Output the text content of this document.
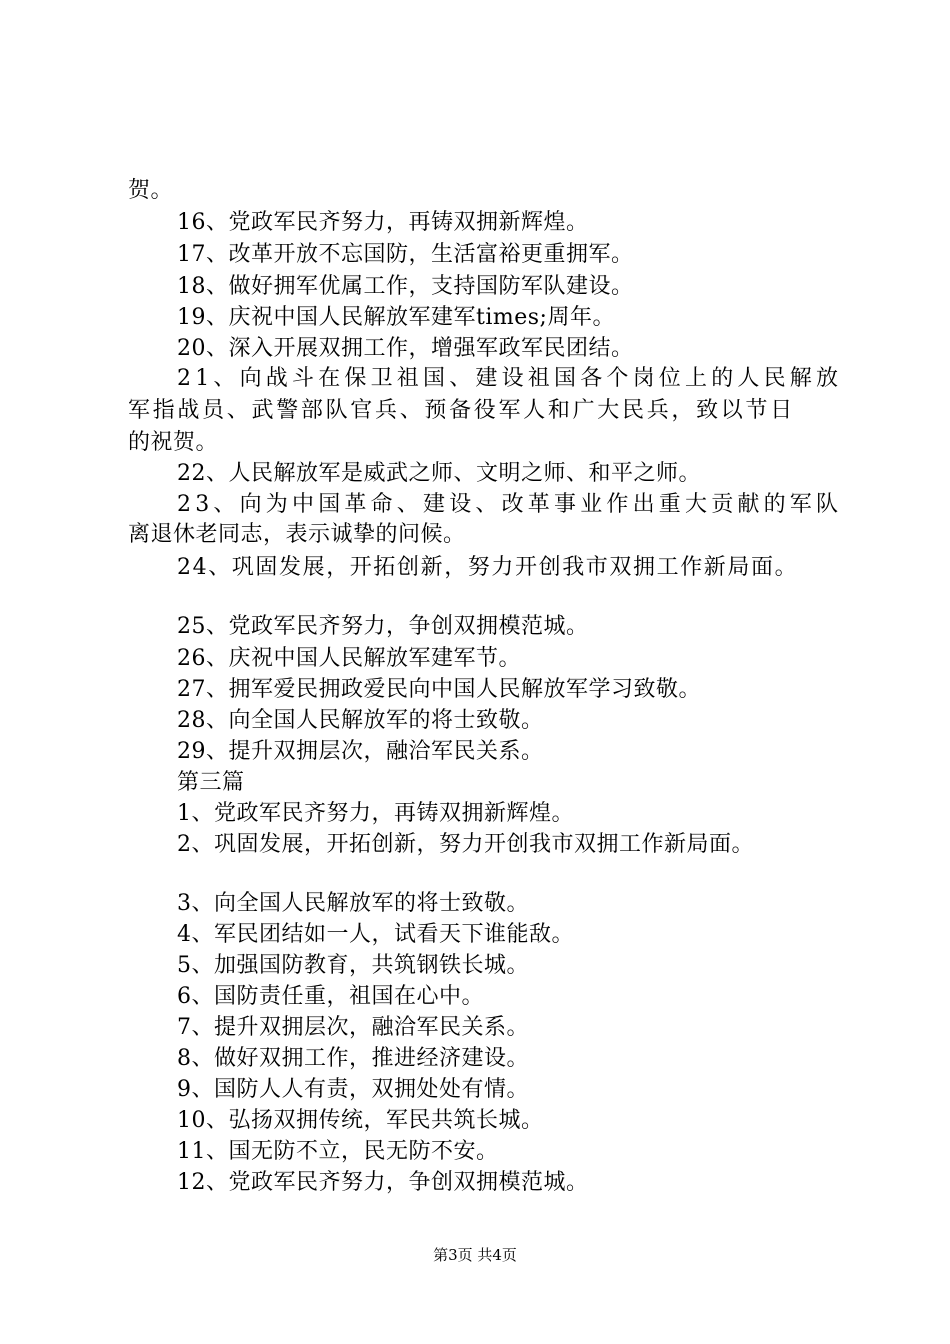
贺。
16、党政军民齐努力，再铸双拥新辉煌。
17、改革开放不忘国防，生活富裕更重拥军。
18、做好拥军优属工作，支持国防军队建设。
19、庆祝中国人民解放军建军times;周年。
20、深入开展双拥工作，增强军政军民团结。
21、向战斗在保卫祖国、建设祖国各个岗位上的人民解放
军指战员、武警部队官兵、预备役军人和广大民兵，致以节日
的祝贺。
22、人民解放军是威武之师、文明之师、和平之师。
23、向为中国革命、建设、改革事业作出重大贡献的军队
离退休老同志，表示诚挚的问候。
24、巩固发展，开拓创新，努力开创我市双拥工作新局面。
25、党政军民齐努力，争创双拥模范城。
26、庆祝中国人民解放军建军节。
27、拥军爱民拥政爱民向中国人民解放军学习致敬。
28、向全国人民解放军的将士致敬。
29、提升双拥层次，融洽军民关系。
第三篇
1、党政军民齐努力，再铸双拥新辉煌。
2、巩固发展，开拓创新，努力开创我市双拥工作新局面。
3、向全国人民解放军的将士致敬。
4、军民团结如一人，试看天下谁能敌。
5、加强国防教育，共筑钢铁长城。
6、国防责任重，祖国在心中。
7、提升双拥层次，融洽军民关系。
8、做好双拥工作，推进经济建设。
9、国防人人有责，双拥处处有情。
10、弘扬双拥传统，军民共筑长城。
11、国无防不立，民无防不安。
12、党政军民齐努力，争创双拥模范城。
第3页 共4页
